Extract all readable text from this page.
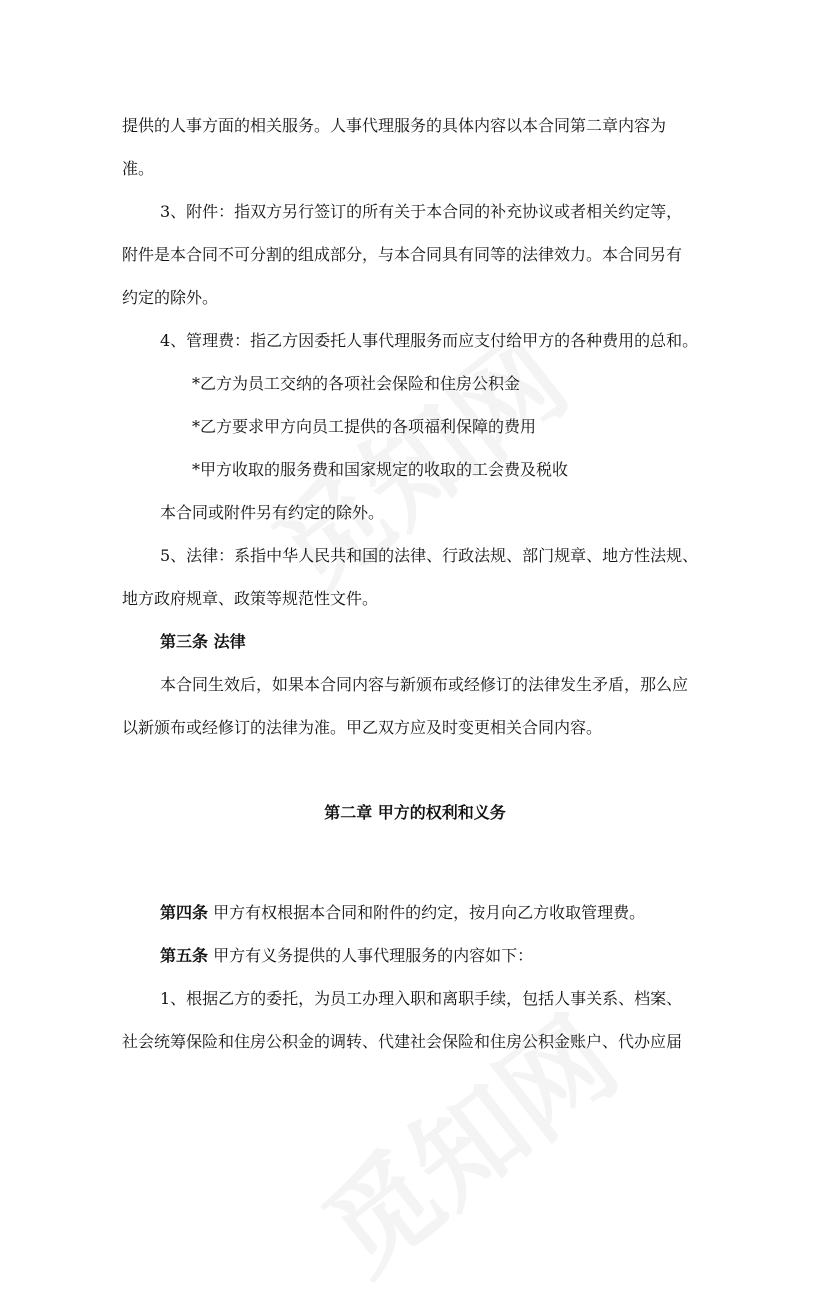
提供的人事方面的相关服务。人事代理服务的具体内容以本合同第二章内容为
准。
3、附件：指双方另行签订的所有关于本合同的补充协议或者相关约定等，
附件是本合同不可分割的组成部分，与本合同具有同等的法律效力。本合同另有
约定的除外。
4、管理费：指乙方因委托人事代理服务而应支付给甲方的各种费用的总和。
*乙方为员工交纳的各项社会保险和住房公积金
*乙方要求甲方向员工提供的各项福利保障的费用
*甲方收取的服务费和国家规定的收取的工会费及税收
本合同或附件另有约定的除外。
5、法律：系指中华人民共和国的法律、行政法规、部门规章、地方性法规、
地方政府规章、政策等规范性文件。
第三条 法律
本合同生效后，如果本合同内容与新颁布或经修订的法律发生矛盾，那么应
以新颁布或经修订的法律为准。甲乙双方应及时变更相关合同内容。
第二章 甲方的权利和义务
第四条 甲方有权根据本合同和附件的约定，按月向乙方收取管理费。
第五条 甲方有义务提供的人事代理服务的内容如下：
1、根据乙方的委托，为员工办理入职和离职手续，包括人事关系、档案、
社会统筹保险和住房公积金的调转、代建社会保险和住房公积金账户、代办应届
